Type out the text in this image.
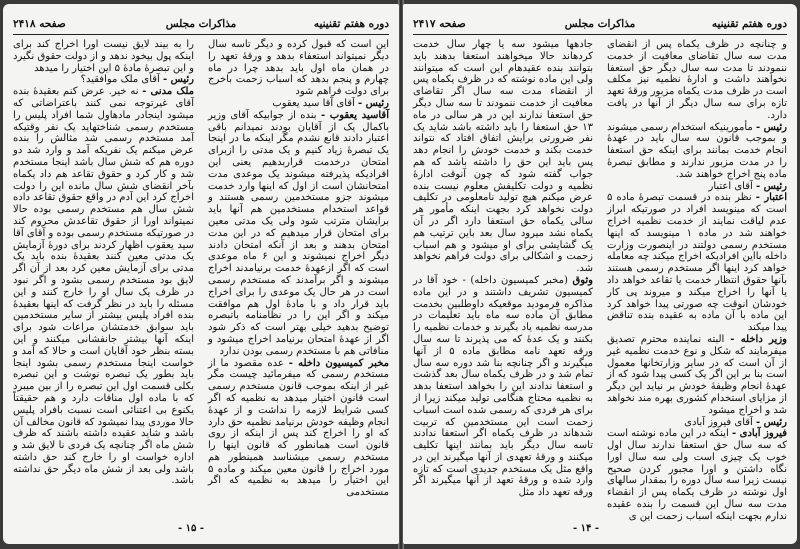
دوره هفتم تقنینیه
مذاکرات مجلس
صفحه ۲۴۱۷

و چنانچه در ظرف یکماه پس از انقضای مدت سه سال تقاضای معافیت از خدمت ننمودند تا مدت سه سال دیگر حق استعفا نخواهند داشت و ادارهٔ نظمیه نیز مکلف است در ظرف مدت یکماه مزبور ورقهٔ تعهد تازه برای سه سال دیگر از آنها در یافت دارد.

رئیس - مأمورینیکه استخدام رسمی میشوند و بموجب قانون سه سال باید در عهدهٔ انجام خدمت بمانند برای اینکه حق استعفا را در مدت مزبور ندارند و مطابق تبصرهٔ ماده پنج اخراج خواهند شد.

رئیس - آقای اعتبار

اعتبار - نظر بنده در قسمت تبصرهٔ ماده ۵ است که مینویسد افراد در صورتیکه ابراز عدم لیاقت نمایند از خدمت نظمیه اخراج خواهند شد در ماده ۱ مینویسد که اینها مستخدم رسمی دولتند در اینصورت وزارت داخله بااین افرادیکه اخراج میکند چه معامله خواهد کرد اینها اگر مستخدم رسمی هستند بآنها حقوق انتظار خدمت یا تقاعد خواهد داد یا آنها را اخراج میکند و میروند پی کار خودشان انوقت چه صورتی پیدا خواهد کرد این ماده با آن ماده به عقیده بنده تناقض پیدا میکند

وزیر داخله - البته نماینده محترم تصدیق میفرمایند که شکل و نوع خدمت نظمیه غیر از آن است که در سایر وزارتخانها معمول است بنا بر این اگر یک کسی پیدا شود که از عهدهٔ انجام وظیفهٔ خودش بر نیاید این دیگر از مزایای استخدام کشوری بهره مند نخواهد شد و اخراج میشود

رئیس - آقای فیروز آبادی

فیروز آبادی - اینکه در این ماده نوشته است که سه سال حق استعفا ندارند سال اول خوب یک چیزی است ولی سه سال اورا نگاه داشتن و اورا مجبور کردن صحیح نیست زیرا سه سال دوره را بمقدار سالهای اول نوشته در ظرف یکماه پس از انقضاء مدت سه سال این قسمت را بنده عقیده ندارم بجهت اینکه اسباب زحمت این ی

جادهها میشود سه یا چهار سال خدمت کردهاند حالا میخواهند استعفا بدهند باید بتوانند بنده عقیدهام این است که میتوانند ولی این ماده نوشته که در ظرف یکماه پس از انقضاء مدت سه سال اگر تقاضای معافیت از خدمت ننمودند تا سه سال دیگر حق استعفا ندارند این در هر سالی در ماه ۱۳ حق استعفا را باید داشته باشد شاید یک نفر ضرورتی برایش اتفاق افتاد که نتواند خدمت بکند و خدمت خودش را انجام دهد پس باید این حق را داشته باشد که هم جواب گفته شود که چون آنوقت ادارهٔ نظمیه و دولت تکلیفش معلوم نیست بنده عرض میکنم هیچ تولید نامعلومی در تکلیف دولت نخواهد کرد بجهت اینکه مأمور هر سالی یکماه حق استعفا دارد اگر در آن یکماه نشد میرود سال بعد باین ترتیب هم یک گشایشی برای او میشود و هم اسباب زحمت و اشکالی برای دولت فراهم نخواهد شد.

وثوق (مخبر کمیسیون داخله) - خود آقا در کمیسیون تشریف داشتند و در این ماده مذاکره فرمودید موقعیکه داوطلبین بخدمت مطابق آن ماده سه ماه باید تعلیمات در مدرسه نظمیه یاد بگیرند و خدمات نظمیه را بکنند و یک عدهٔ که می پذیرند تا سه سال ورقه تعهد نامه مطابق ماده ۵ از آنها میگیرند و اگر چنانچه بنا شد دوره سه سال تمام شد و در ظرف یکماه سال بعد گذشت و استعفا ندادند این را بخواهد استعفا بدهد به نظمیه محتاج هنگامی تولید میکند زیرا از برای هر فردی که رسمی شده است اسباب زحمت است این مستخدمین که تربیت شدهاند در ظرف یکماه اگر استعفا ندادند تاسه سال دیگر باید بمانند اینها تکلیف میکنند و ورقهٔ تعهدی از آنها میگیرند این در واقع مثل یک مستخدم جدیدی است که تازه وارد شده و ورقهٔ تعهد از آنها میگیرند اگر ورقه تعهد داد مثل

- ۱۴ -
دوره هفتم تقنینیه
مذاکرات مجلس
صفحه ۲۴۱۸

این است که قبول کرده و دیگر تاسه سال دیگر نمیتواند استعفاء بدهد و ورقهٔ تعهد را در همان ماه اول باید بدهد چرا در ماه چهارم و پنجم بدهد که اسباب زحمت باخرج برای دولت فراهم شود

رئیس - آقای آقا سید یعقوب

آقاسید یعقوب - بنده از جوابیکه آقای وزیر باکمال یک از آقایان بودند نمیدانم باقی اعتبار دادند قانع نشدم مگر اینکه ما در اینجا یک تبصرهٔ زیاد کنیم و یک مدتی را ازبرای امتحان درخدمت قراربدهیم یعنی این افرادیکه پذیرفته میشوند یک موعدی مدت امتحانشان است از اول که اینها وارد خدمت میشوند جزو مستخدمین رسمی هستند و قواعد استخدام مستخدمین هم آنها باید برایشان مترتب شود ولی یک مدتی معین برای امتحان قرار میدهیم که در این مدت امتحان بدهند و بعد از آنکه امتحان دادند دیگر اخراج نمیشوند و این ۶ ماه موعدی است که اگر ازعهدهٔ خدمت برنیامدند اخراج میشوند و اگر برآمدند که مستخدم رسمی است در هر حال یک موعدی را برای اخراج باید قرار داد و با مادهٔ اول هم موافقت میکند و اگر این را در نظامنامه باتبصره توضیح بدهید خیلی بهتر است که ذکر شود اگر از عهدهٔ امتحان برنیامد اخراج میشود و منافاتی هم با مستخدم رسمی بودن ندارد

مخبر کمیسیون داخله - عده مقصود ما از مستخدم رسمی که میفرمائید چیست مگر غیر از اینکه بموجب قانون مستخدم رسمی است قانون اختیار میدهد به نظمیه که اگر کسی شرایط لازمه را نداشت و از عهدهٔ انجام وظیفه خودش برنیامد نظمیه حق دارد که او را اخراج کند پس از اینکه از روی قانون است همانطور که قانون اینها را مستخدم رسمی میشناسد همینطور هم مورد اخراج را قانون معین میکند و ماده ۵ این اختیار را میدهد به نظمیه که اگر مستخدمی

را به بیند لایق نیست اورا اخراج کند برای اینکه پول بیخود ندهد و از دولت حقوق نگیرد و این تبصرهٔ مادهٔ ۵ این اختیار را میدهد

رئیس - آقای ملک موافقید؟

ملک مدنی - نه خیر. عرض کنم بعقیدهٔ بنده آقای غیرتوجه نمی کنند باعتراضاتی که میشود اینجادر مادهاول شما افراد پلیس را مستخدم رسمی شناختهاید یک نفر وقتیکه آمد مستخدم رسمی شد مثالش را بنده عرض میکنم یک نفریکه آمد و وارد شد دو دوره هم که شش سال باشد اینجا مستخدم شد و کار کرد و حقوق تقاعد هم داد یکماه بآخر انقضای شش سال مانده این را دولت اخراج کرد این آدم در واقع حقوق تقاعد داده شش سال هم مستخدم رسمی بوده حالا نمیتواند اورا از حقوق تقاعدش محروم کند در صورتیکه مستخدم رسمی بوده و آقای آقا سید یعقوب اظهار کردند برای دورهٔ آزمایش یک مدتی معین کنند بعقیدهٔ بنده باید یک مدتی برای آزمایش معین کرد بعد از آن اگر لایق بود مستخدم رسمی بشود و اگر نبود در ظرف یک سال او را خارج کنند و این مسئله را باید در نظر گرفت که اینها بعقیدهٔ بنده افراد پلیس بیشتر از سایر مستخدمین باید سوابق خدمتشان مراعات شود برای اینکه آنها بیشتر جانفشانی میکنند و این بسته بنظر خود آقایان است و حالا که آمد و خواست اینجا مستخدم رسمی بشود اینجا باید بطور یک تبصره نوشت و این تبصره بکلی قسمت اول این تبصره را از بین میبرد که با ماده اول منافات دارد و هم حقیقتاً یکنوع بی اعتنائی است نسبت بافراد پلیس حالا موردی پیدا نمیشود که قانون مخالف آن باشد و شاید عقیده داشته باشند که ظرف شش ماه اگر چنانچه یک فردی نا لایق شد و اداره خواست او را خارج کند حق داشته باشد ولی بعد از شش ماه دیگر حق نداشته باشد.

- ۱۵ -
